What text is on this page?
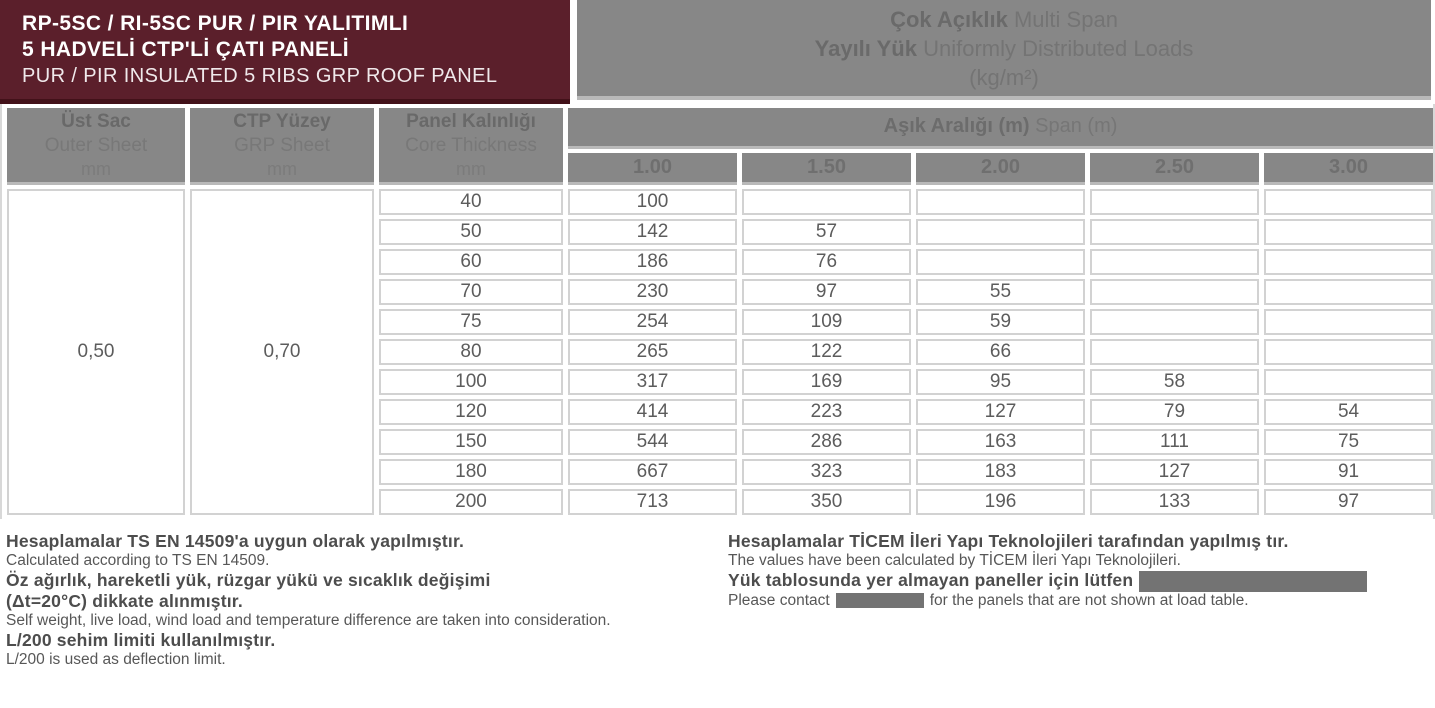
RP-5SC / RI-5SC PUR / PIR YALITIMLI
5 HADVELİ CTP'Lİ ÇATI PANELİ
PUR / PIR INSULATED 5 RIBS GRP ROOF PANEL
Çok Açıklık Multi Span
Yayılı Yük Uniformly Distributed Loads
(kg/m²)
Üst Sac
Outer Sheet
mm

CTP Yüzey
GRP Sheet
mm

Panel Kalınlığı
Core Thickness
mm
	Aşık Aralığı (m) Span (m)
			1.00	1.50	2.00	2.50	3.00
0,50	0,70	40	100				
		50	142	57			
		60	186	76			
		70	230	97	55		
		75	254	109	59		
		80	265	122	66		
		100	317	169	95	58	
		120	414	223	127	79	54
		150	544	286	163	111	75
		180	667	323	183	127	91
		200	713	350	196	133	97
Hesaplamalar TS EN 14509'a uygun olarak yapılmıştır.
Calculated according to TS EN 14509.
Öz ağırlık, hareketli yük, rüzgar yükü ve sıcaklık değişimi
(Δt=20°C) dikkate alınmıştır.
Self weight, live load, wind load and temperature difference are taken into consideration.
L/200 sehim limiti kullanılmıştır.
L/200 is used as deflection limit.
Hesaplamalar TİCEM İleri Yapı Teknolojileri tarafından yapılmış tır.
The values have been calculated by TİCEM İleri Yapı Teknolojileri.
Yük tablosunda yer almayan paneller için lütfen
Please contact	for the panels that are not shown at load table.
